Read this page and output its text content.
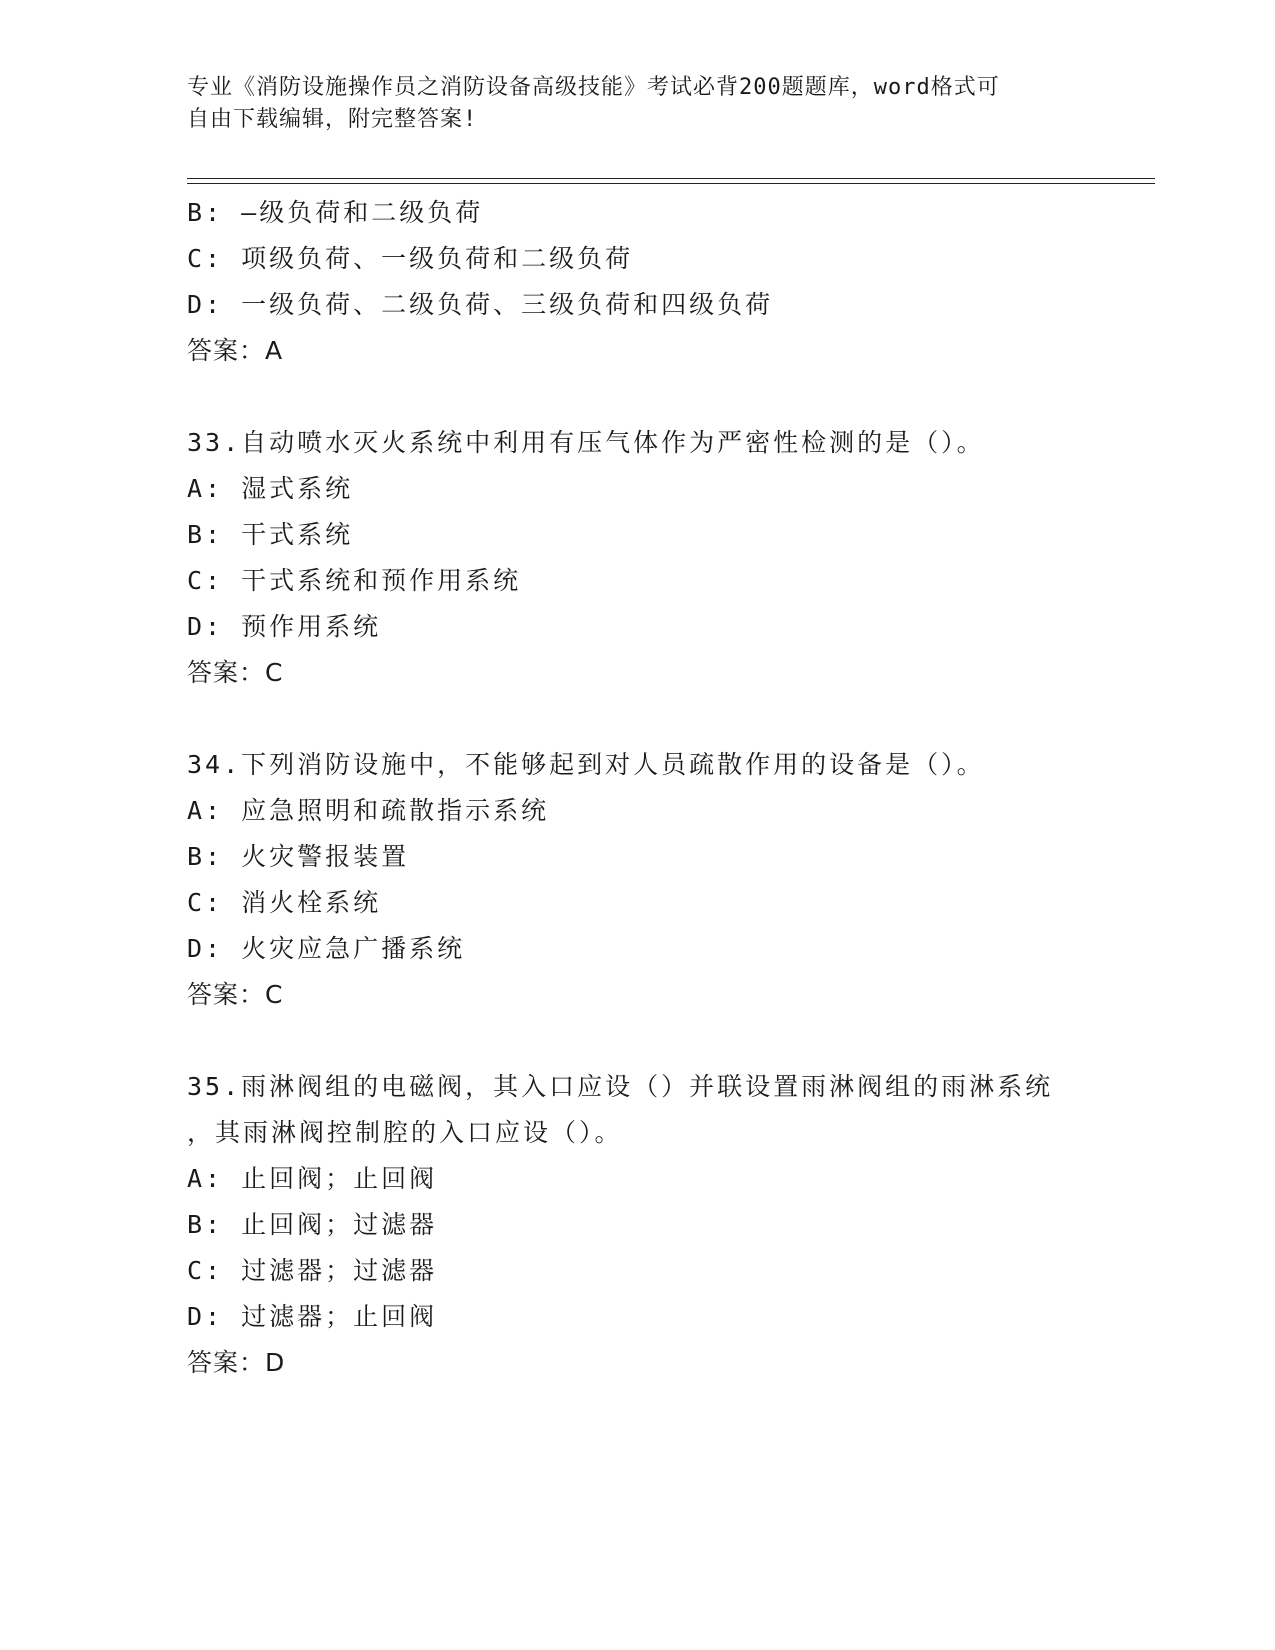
专业《消防设施操作员之消防设备高级技能》考试必背200题题库，word格式可

自由下载编辑，附完整答案!

B: —级负荷和二级负荷

C: 项级负荷、一级负荷和二级负荷

D: 一级负荷、二级负荷、三级负荷和四级负荷

答案：A

33.自动喷水灭火系统中利用有压气体作为严密性检测的是（）。

A: 湿式系统

B: 干式系统

C: 干式系统和预作用系统

D: 预作用系统

答案：C

34.下列消防设施中，不能够起到对人员疏散作用的设备是（）。

A: 应急照明和疏散指示系统

B: 火灾警报装置

C: 消火栓系统

D: 火灾应急广播系统

答案：C

35.雨淋阀组的电磁阀，其入口应设（）并联设置雨淋阀组的雨淋系统

，其雨淋阀控制腔的入口应设（）。

A: 止回阀；止回阀

B: 止回阀；过滤器

C: 过滤器；过滤器

D: 过滤器；止回阀

答案：D
